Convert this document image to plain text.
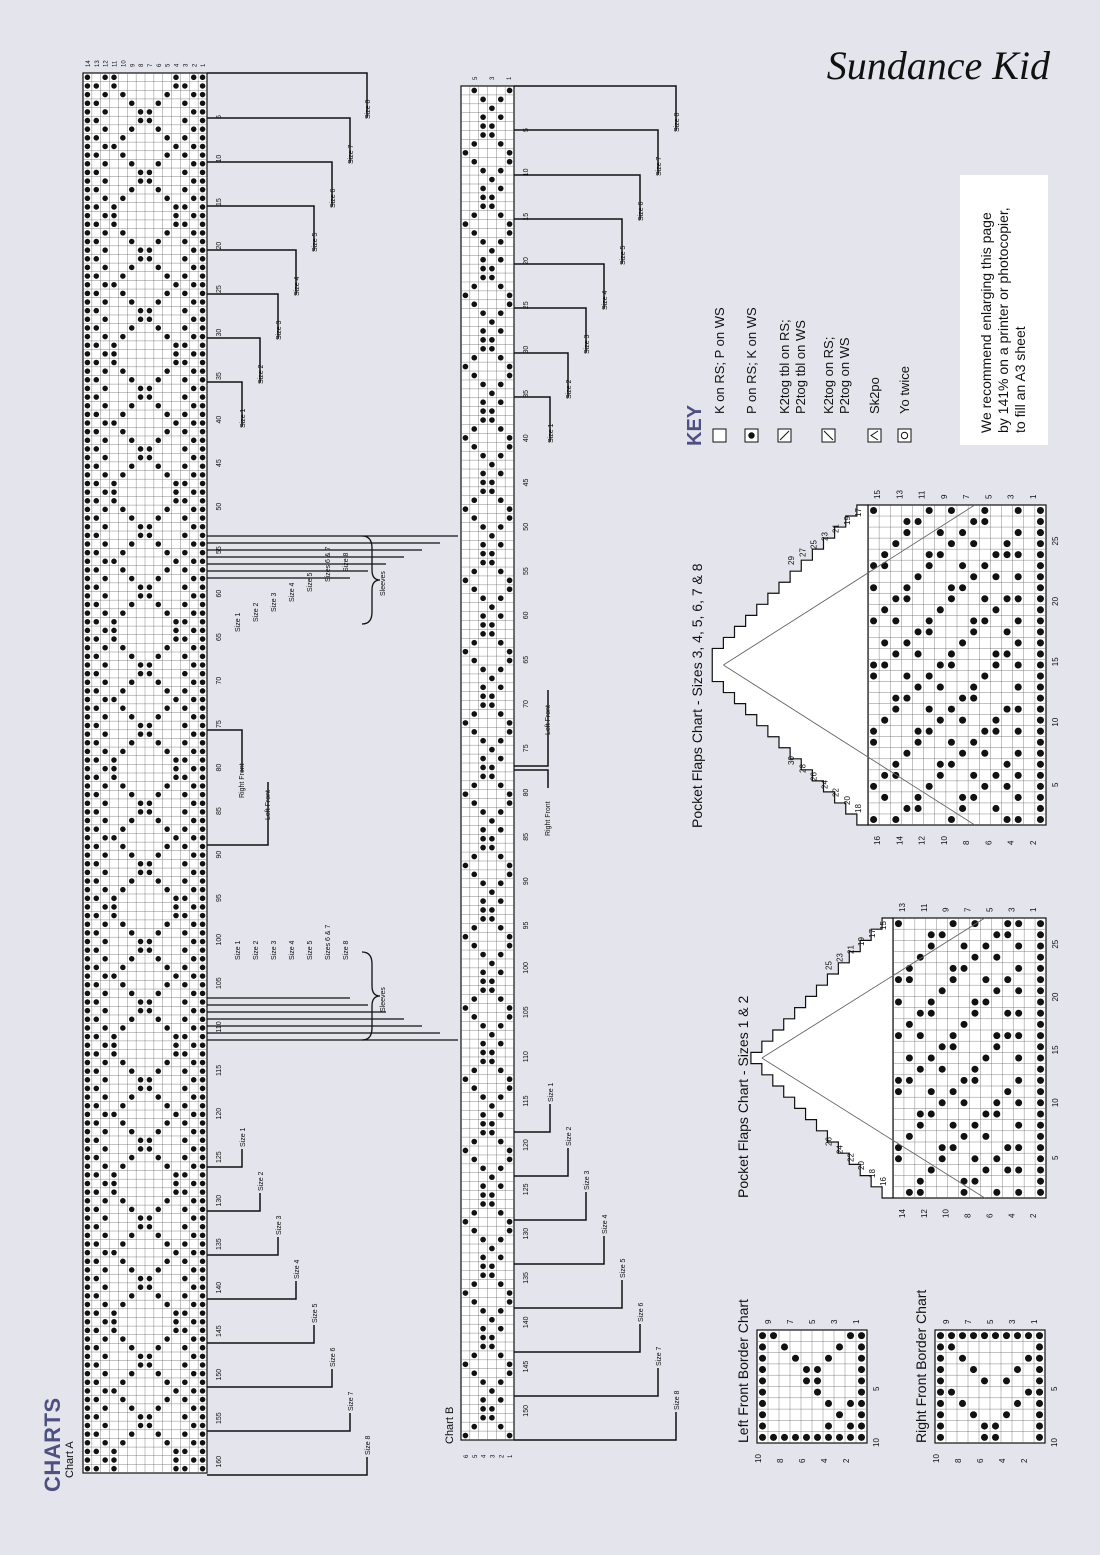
Sundance Kid
CHARTS Chart A
Chart B
14 13 12 11 10 9 8 7 6 5 4 3 2 1
5
10
15
20
25
30
35
40
45
50
55
60
65
70
75
80
85
90
95
100
105
110
115
120
125
130
135
140
145
150
155
160
Size 8
Size 7
Size 6
Size 5
Size 4
Size 3
Size 2
Size 1
Size 8
Size 7
Size 6
Size 5
Size 4
Size 3
Size 2
Size 1
Size 1
Size 2
Size 3
Size 4
Size 5
Sizes 6 & 7 Size 8
Sleeves
Size 1 Size 2 Size 3 Size 4 Size 5 Sizes 6 & 7 Size 8
Sleeves
Right Front
Left Front
6 5 4 3 2 1
5 3 1
5
10
15
20
25
30
35
40
45
50
55
60
65
70
75
80
85
90
95
100
105
110
115
120
125
130
135
140
145
150
Size 8
Size 7
Size 6
Size 5
Size 4
Size 3
Size 2
Size 1
Size 8
Size 7
Size 6
Size 5
Size 4
Size 3
Size 2
Size 1
Left Front
Right Front
15 13 11 9 7 5 3 1
16 14 12 10 8 6 4 2
5
10
15
20
25
17
18
19
20
21
22
23
24
25
26
27
28
29
30
Pocket Flaps Chart - Sizes 3, 4, 5, 6, 7 & 8
13 11 9 7 5 3 1
14 12 10 8 6 4 2
5
10
15
20
25
15
16
17
18
19
20
21
22
23
24
25
26
Pocket Flaps Chart - Sizes 1 & 2
9 7 5 3 1
10 8 6 4 2
5
10
Left Front Border Chart	9 7 5 3 1
10 8 6 4 2
5
10
Right Front Border Chart
K on RS; P on WS P on RS; K on WS K2tog tbl on RS; P2tog tbl on WS K2tog on RS; P2tog on WS Sk2po Yo twice	We recommend enlarging this page by 141% on a printer or photocopier, to fill an A3 sheet
KEY
